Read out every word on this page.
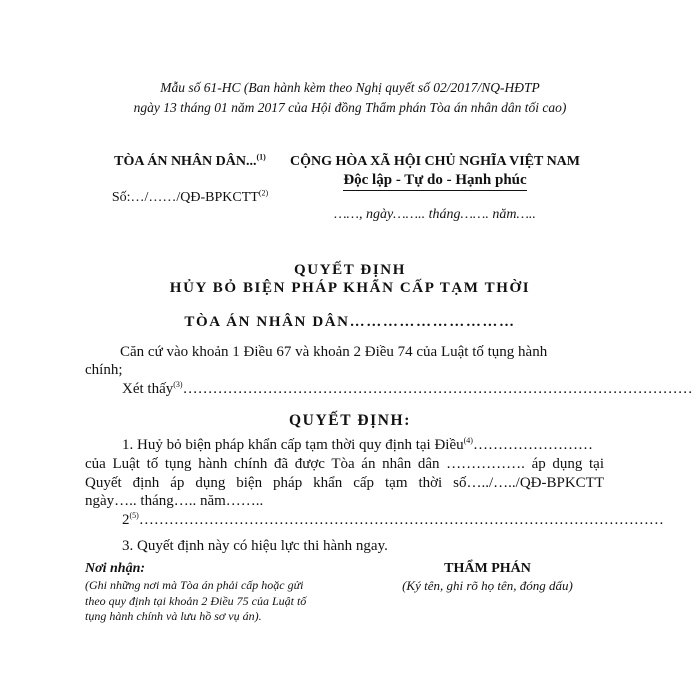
Mẫu số 61-HC (Ban hành kèm theo Nghị quyết số 02/2017/NQ-HĐTP
ngày 13 tháng 01 năm 2017 của Hội đồng Thẩm phán Tòa án nhân dân tối cao)
TÒA ÁN NHÂN DÂN...$^{(1)}$
Số:…/……/QĐ-BPKCTT$^{(2)}$
CỘNG HÒA XÃ HỘI CHỦ NGHĨA VIỆT NAM
Độc lập - Tự do - Hạnh phúc
……, ngày…….. tháng……. năm…..
QUYẾT ĐỊNH
HỦY BỎ BIỆN PHÁP KHẨN CẤP TẠM THỜI
TÒA ÁN NHÂN DÂN…………………………
Căn cứ vào khoản 1 Điều 67 và khoản 2 Điều 74 của Luật tố tụng hành
chính;
Xét thấy$^{(3)}$…………………………………………………………………………………………
QUYẾT ĐỊNH:
1. Huỷ bỏ biện pháp khẩn cấp tạm thời quy định tại Điều$^{(4)}$……………………
của Luật tố tụng hành chính đã được Tòa án nhân dân ……………. áp dụng tại
Quyết định áp dụng biện pháp khẩn cấp tạm thời số…../…../QĐ-BPKCTT
ngày….. tháng….. năm……..
2$^{(5)}$……………………………………………………………………………………………
3. Quyết định này có hiệu lực thi hành ngay.
Nơi nhận:
(Ghi những nơi mà Tòa án phải cấp hoặc gửi
theo quy định tại khoản 2 Điều 75 của Luật tố
tụng hành chính và lưu hồ sơ vụ án).
THẨM PHÁN
(Ký tên, ghi rõ họ tên, đóng dấu)
